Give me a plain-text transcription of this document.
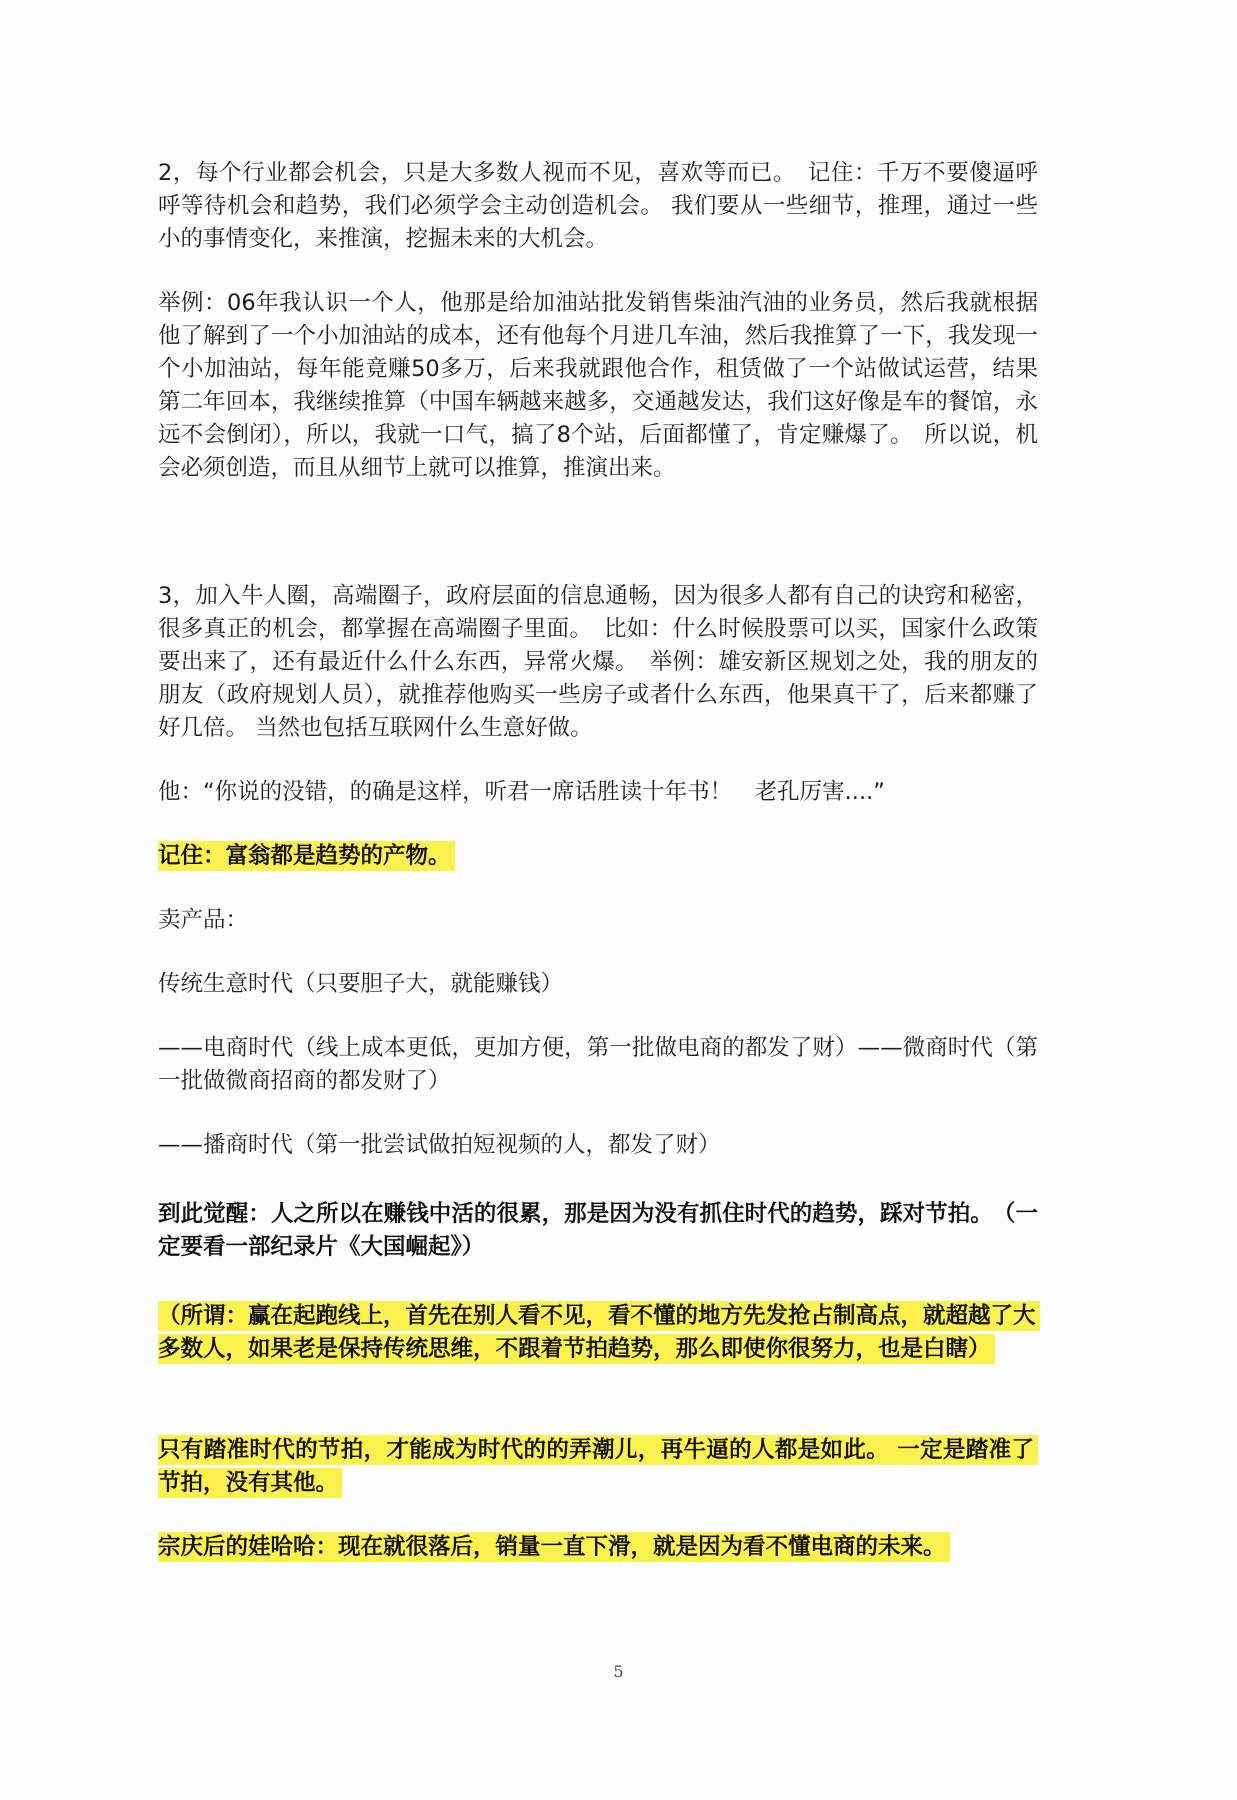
2，每个行业都会机会，只是大多数人视而不见，喜欢等而已。　记住：千万不要傻逼呼呼等待机会和趋势，我们必须学会主动创造机会。 我们要从一些细节，推理，通过一些小的事情变化，来推演，挖掘未来的大机会。

举例：06年我认识一个人，他那是给加油站批发销售柴油汽油的业务员，然后我就根据他了解到了一个小加油站的成本，还有他每个月进几车油，然后我推算了一下，我发现一个小加油站，每年能竟赚50多万，后来我就跟他合作，租赁做了一个站做试运营，结果第二年回本，我继续推算（中国车辆越来越多，交通越发达，我们这好像是车的餐馆，永远不会倒闭），所以，我就一口气，搞了8个站，后面都懂了，肯定赚爆了。　所以说，机会必须创造，而且从细节上就可以推算，推演出来。

3，加入牛人圈，高端圈子，政府层面的信息通畅，因为很多人都有自己的诀窍和秘密，很多真正的机会，都掌握在高端圈子里面。　比如：什么时候股票可以买，国家什么政策要出来了，还有最近什么什么东西，异常火爆。　举例：雄安新区规划之处，我的朋友的朋友（政府规划人员），就推荐他购买一些房子或者什么东西，他果真干了，后来都赚了好几倍。 当然也包括互联网什么生意好做。

他：“你说的没错，的确是这样，听君一席话胜读十年书！　老孔厉害....”

记住：富翁都是趋势的产物。

卖产品：

传统生意时代（只要胆子大，就能赚钱）

——电商时代（线上成本更低，更加方便，第一批做电商的都发了财）——微商时代（第一批做微商招商的都发财了）

——播商时代（第一批尝试做拍短视频的人，都发了财）

到此觉醒：人之所以在赚钱中活的很累，那是因为没有抓住时代的趋势，踩对节拍。　（一定要看一部纪录片《大国崛起》）

（所谓：赢在起跑线上，首先在别人看不见，看不懂的地方先发抢占制高点，就超越了大多数人，如果老是保持传统思维，不跟着节拍趋势，那么即使你很努力，也是白瞎）

只有踏准时代的节拍，才能成为时代的的弄潮儿，再牛逼的人都是如此。 一定是踏准了节拍，没有其他。

宗庆后的娃哈哈：现在就很落后，销量一直下滑，就是因为看不懂电商的未来。

5
